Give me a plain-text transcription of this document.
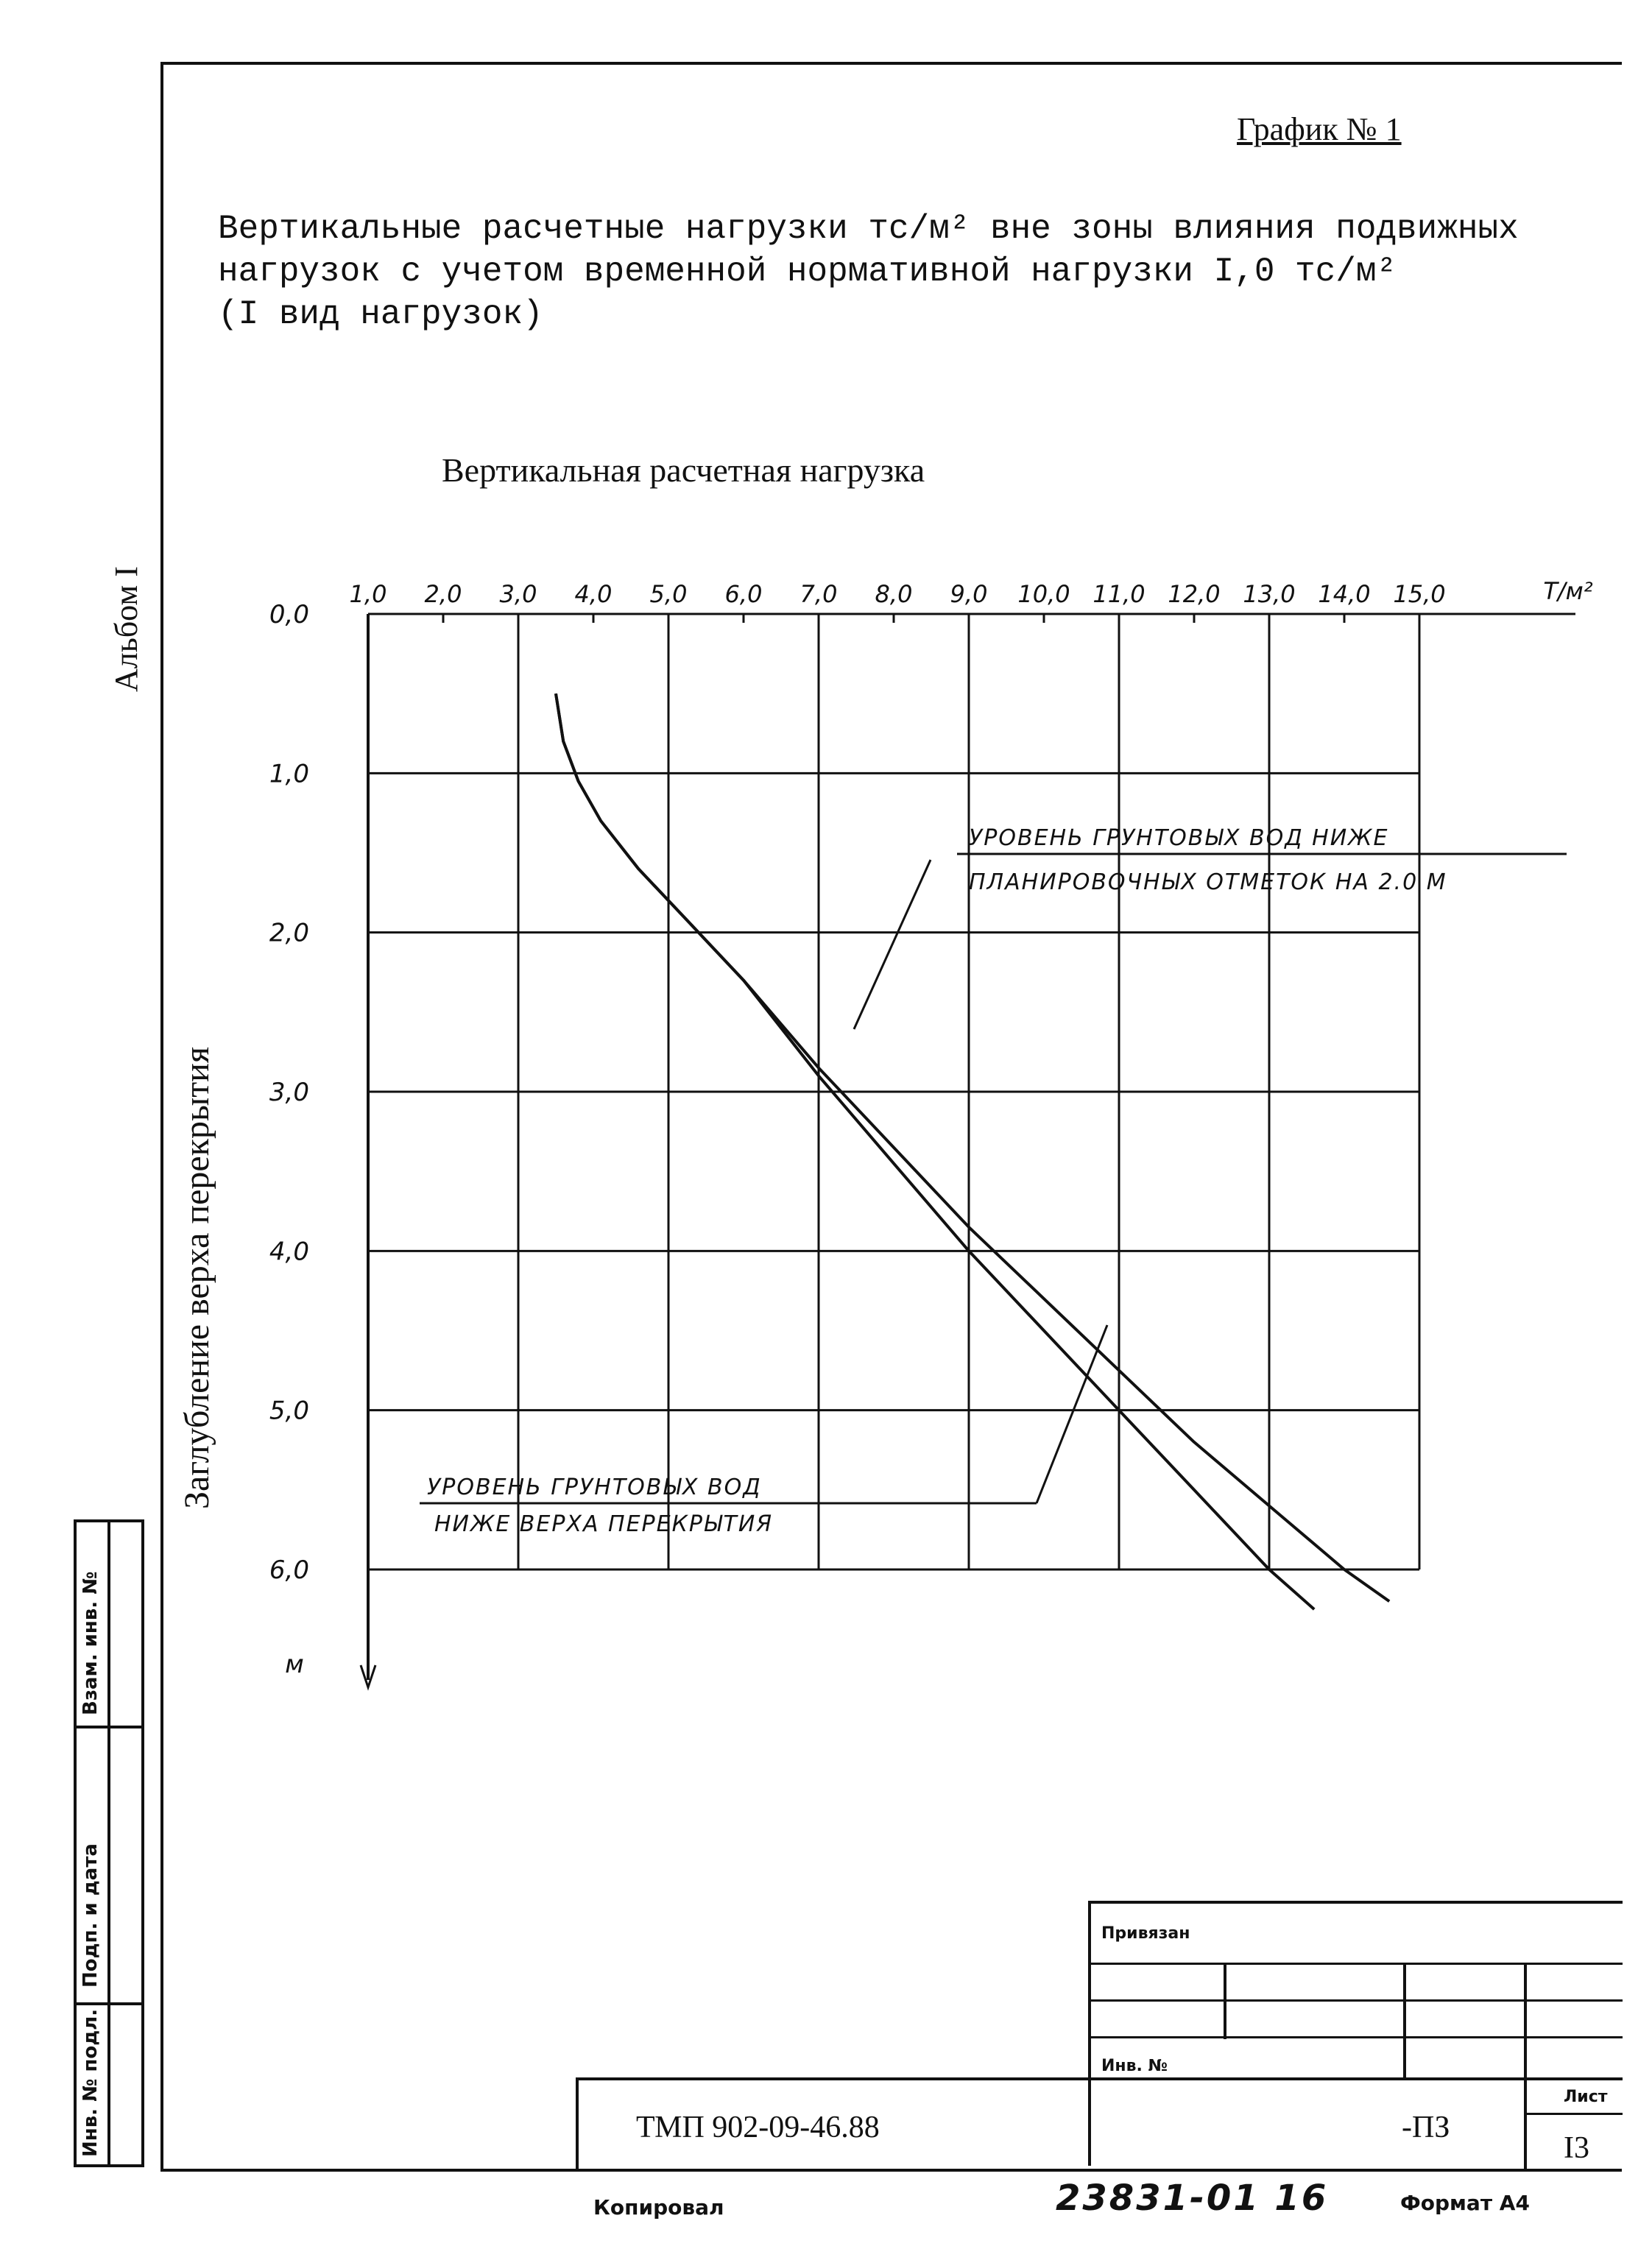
График № 1
Вертикальные расчетные нагрузки тс/м² вне зоны влияния подвижных
нагрузок с учетом временной нормативной нагрузки I,0 тс/м²
(I вид нагрузок)
Вертикальная расчетная нагрузка
Альбом I
Заглубление верха перекрытия
1,0 2,0 3,0 4,0 5,0 6,0 7,0 8,0 9,0 10,0 11,0 12,0 13,0 14,0 15,0	Т/м²
0,0
1,0
2,0
3,0
4,0
5,0
6,0
м
УРОВЕНЬ ГРУНТОВЫХ ВОД НИЖЕ
ПЛАНИРОВОЧНЫХ ОТМЕТОК НА 2.0 М
УРОВЕНЬ ГРУНТОВЫХ ВОД
НИЖЕ ВЕРХА ПЕРЕКРЫТИЯ
Инв. № подл.
Подп. и дата
Взам. инв. №
Привязан
Инв. №
ТМП 902-09-46.88	-ПЗ
Лист
I3
Копировал	23831-01 16	Формат А4
